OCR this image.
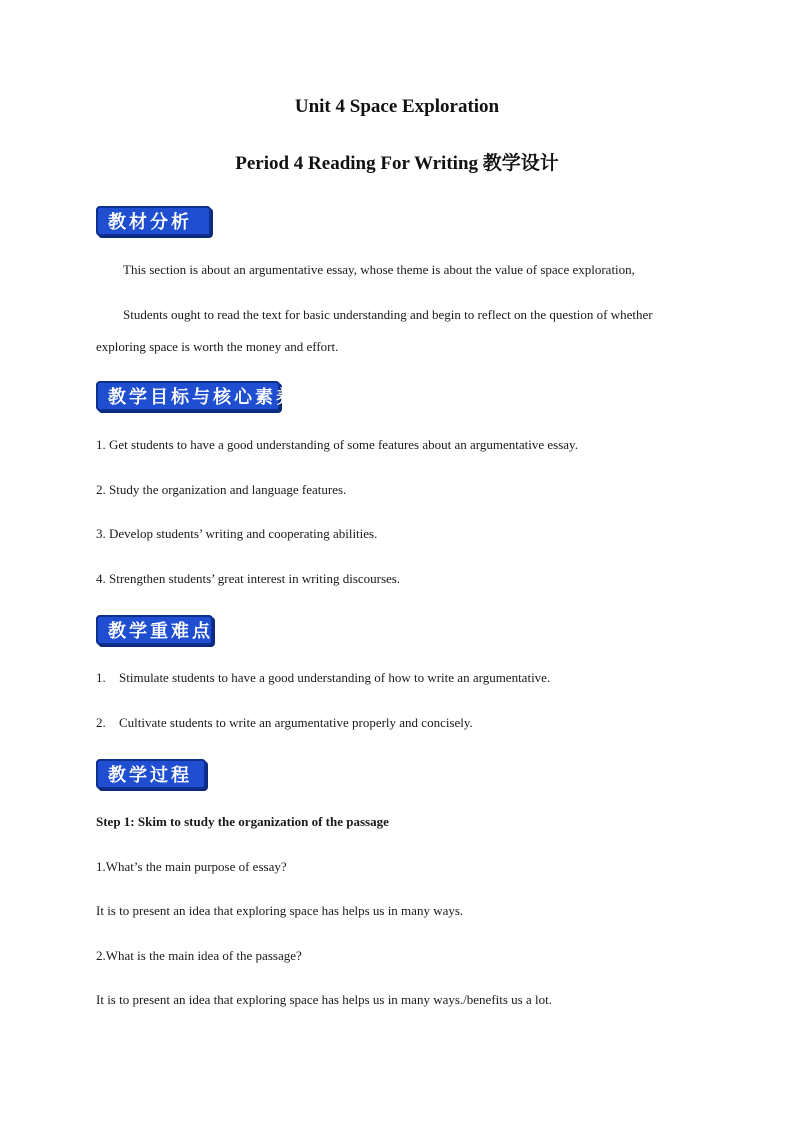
Unit 4 Space Exploration
Period 4 Reading For Writing 教学设计
教材分析
This section is about an argumentative essay, whose theme is about the value of space exploration,
Students ought to read the text for basic understanding and begin to reflect on the question of whether
exploring space is worth the money and effort.
教学目标与核心素养
1. Get students to have a good understanding of some features about an argumentative essay.
2. Study the organization and language features.
3. Develop students’ writing and cooperating abilities.
4. Strengthen students’ great interest in writing discourses.
教学重难点
1. Stimulate students to have a good understanding of how to write an argumentative.
2. Cultivate students to write an argumentative properly and concisely.
教学过程
Step 1: Skim to study the organization of the passage
1.What’s the main purpose of essay?
It is to present an idea that exploring space has helps us in many ways.
2.What is the main idea of the passage?
It is to present an idea that exploring space has helps us in many ways./benefits us a lot.
